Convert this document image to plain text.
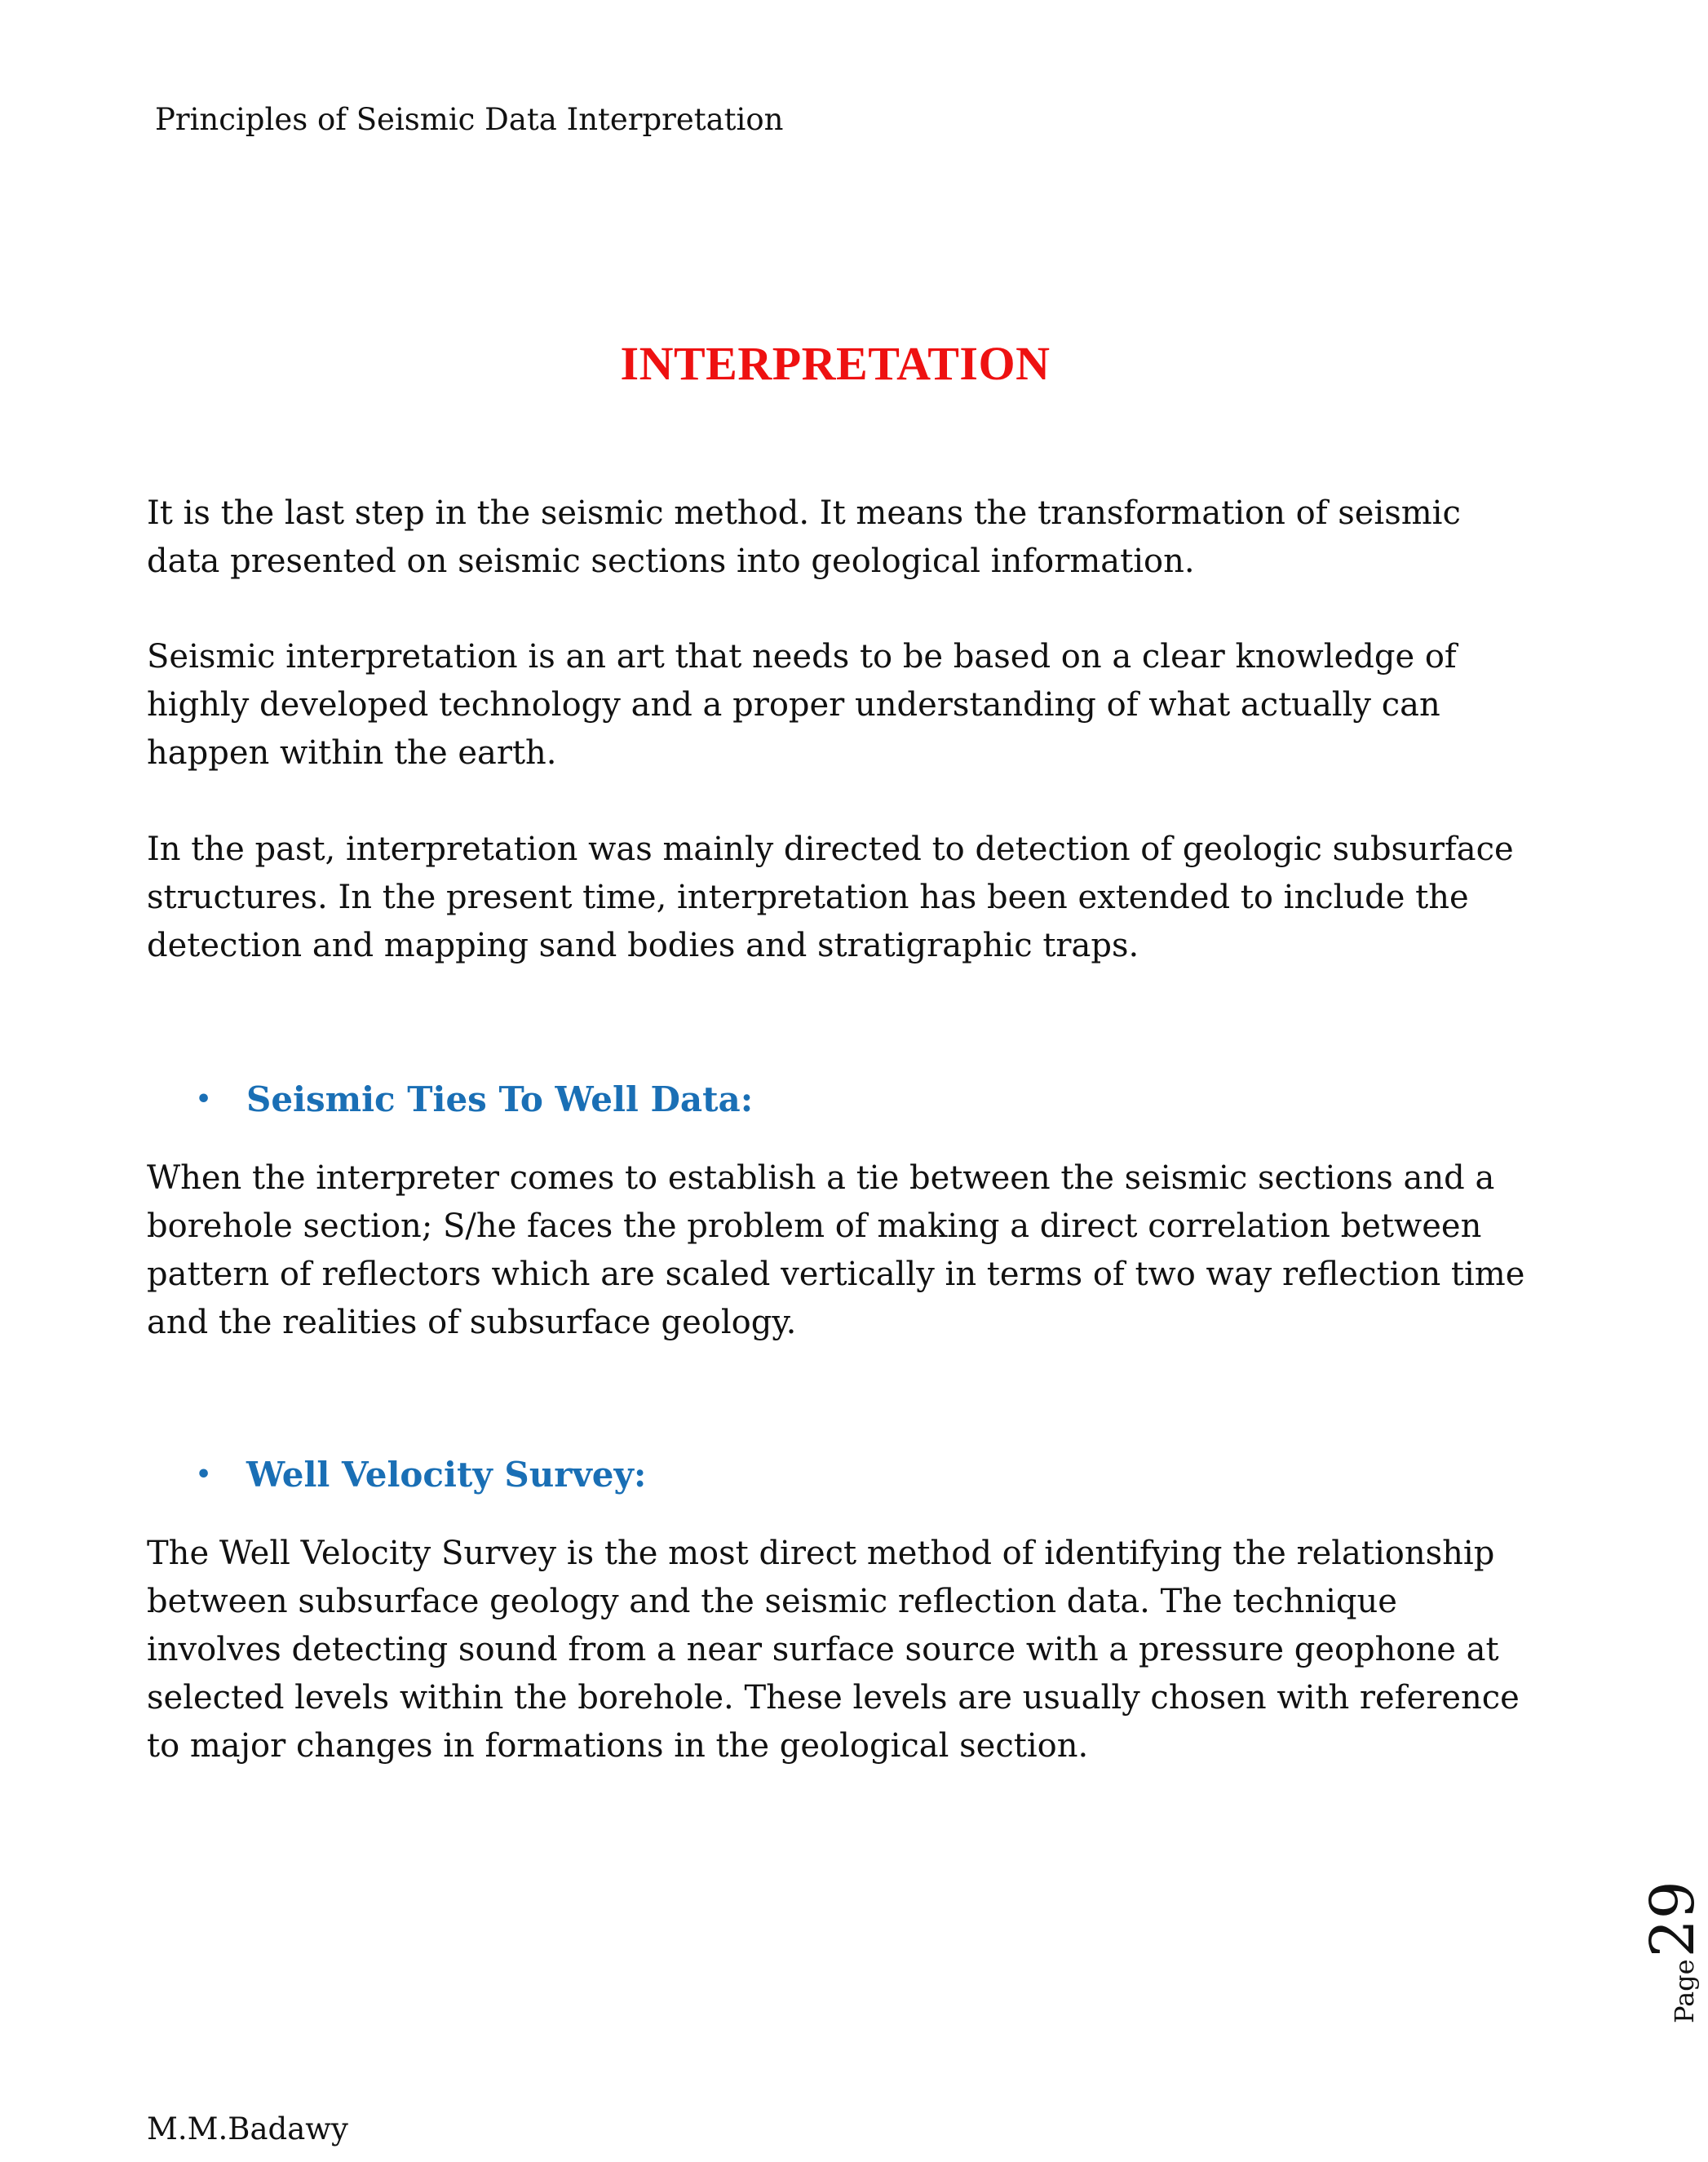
Principles of Seismic Data Interpretation
INTERPRETATION
It is the last step in the seismic method. It means the transformation of seismic data presented on seismic sections into geological information.
Seismic interpretation is an art that needs to be based on a clear knowledge of highly developed technology and a proper understanding of what actually can happen within the earth.
In the past, interpretation was mainly directed to detection of geologic subsurface structures. In the present time, interpretation has been extended to include the detection and mapping sand bodies and stratigraphic traps.
•	Seismic Ties To Well Data:
When the interpreter comes to establish a tie between the seismic sections and a borehole section; S/he faces the problem of making a direct correlation between pattern of reflectors which are scaled vertically in terms of two way reflection time and the realities of subsurface geology.
•	Well Velocity Survey:
The Well Velocity Survey is the most direct method of identifying the relationship between subsurface geology and the seismic reflection data. The technique involves detecting sound from a near surface source with a pressure geophone at selected levels within the borehole. These levels are usually chosen with reference to major changes in formations in the geological section.
Page
29
M.M.Badawy
